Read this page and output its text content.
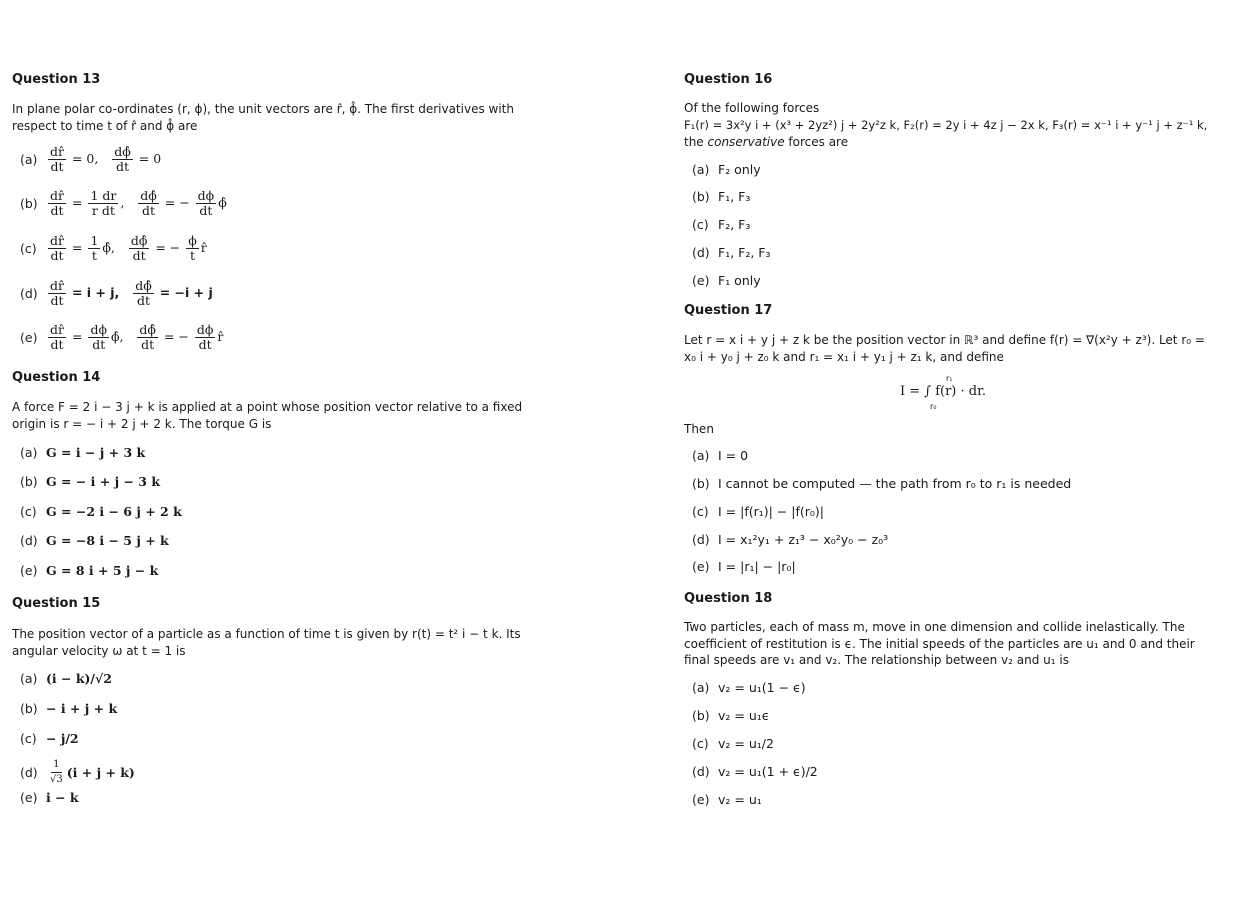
Question 13
In plane polar co-ordinates (r, ϕ), the unit vectors are r̂, ϕ̂. The first derivatives with respect to time t of r̂ and ϕ̂ are
$(a) \frac{dr̂}{dt} = 0$, $\frac{d\phî}{dt} = 0$
$(b) \frac{dr̂}{dt} = \frac{1 dr}{\text{r dt}}$ , $\frac{d\phî}{dt}$ = − $\frac{d\phi}{dt}$ ϕ̂
$(c) \frac{dr̂}{dt} = \frac{1}{t}$ ϕ̂, $\frac{d\phî}{dt}$ = − $\frac{\phi}{t}$ r̂
$(d) \frac{dr̂}{dt} = i + j$, $\frac{d\phî}{dt} = -i + j$
$(e) \frac{dr̂}{dt} = \frac{d\phi}{dt}$ ϕ̂, $\frac{d\phî}{dt}$ = − $\frac{d\phi}{dt}$ r̂
Question 14
A force F = 2 i − 3 j + k is applied at a point whose position vector relative to a fixed origin is r = − i + 2 j + 2 k. The torque G is
(a) G = i − j + 3 k
(b) G = − i + j − 3 k
(c) G = −2 i − 6 j + 2 k
(d) G = −8 i − 5 j + k
(e) G = 8 i + 5 j − k
Question 15
The position vector of a particle as a function of time t is given by r(t) = t² i − t k. Its angular velocity ω at t = 1 is
(a) (i − k)/√2
(b) − i + j + k
(c) − j/2
(d)	$\frac{1}{√3} (i + j + k)$
(e) i − k
Question 16
Of the following forces
F₁(r) = 3x²y i + (x³ + 2yz²) j + 2y²z k, F₂(r) = 2y i + 4z j − 2x k, F₃(r) = x⁻¹ i + y⁻¹ j + z⁻¹ k,
the conservative forces are
(a) F₂ only
(b) F₁, F₃
(c) F₂, F₃
(d) F₁, F₂, F₃
(e) F₁ only
Question 17
Let r = x i + y j + z k be the position vector in ℝ³ and define f(r) = ∇(x²y + z³). Let r₀ = x₀ i + y₀ j + z₀ k and r₁ = x₁ i + y₁ j + z₁ k, and define
r₁
I = ∫ f(r) · dr.
r₀
Then
(a) I = 0
(b) I cannot be computed — the path from r₀ to r₁ is needed
(c) I = |f(r₁)| − |f(r₀)|
(d) I = x₁²y₁ + z₁³ − x₀²y₀ − z₀³
(e) I = |r₁| − |r₀|
Question 18
Two particles, each of mass m, move in one dimension and collide inelastically. The coefficient of restitution is ϵ. The initial speeds of the particles are u₁ and 0 and their final speeds are v₁ and v₂. The relationship between v₂ and u₁ is
(a) v₂ = u₁(1 − ϵ)
(b) v₂ = u₁ϵ
(c) v₂ = u₁/2
(d) v₂ = u₁(1 + ϵ)/2
(e) v₂ = u₁
